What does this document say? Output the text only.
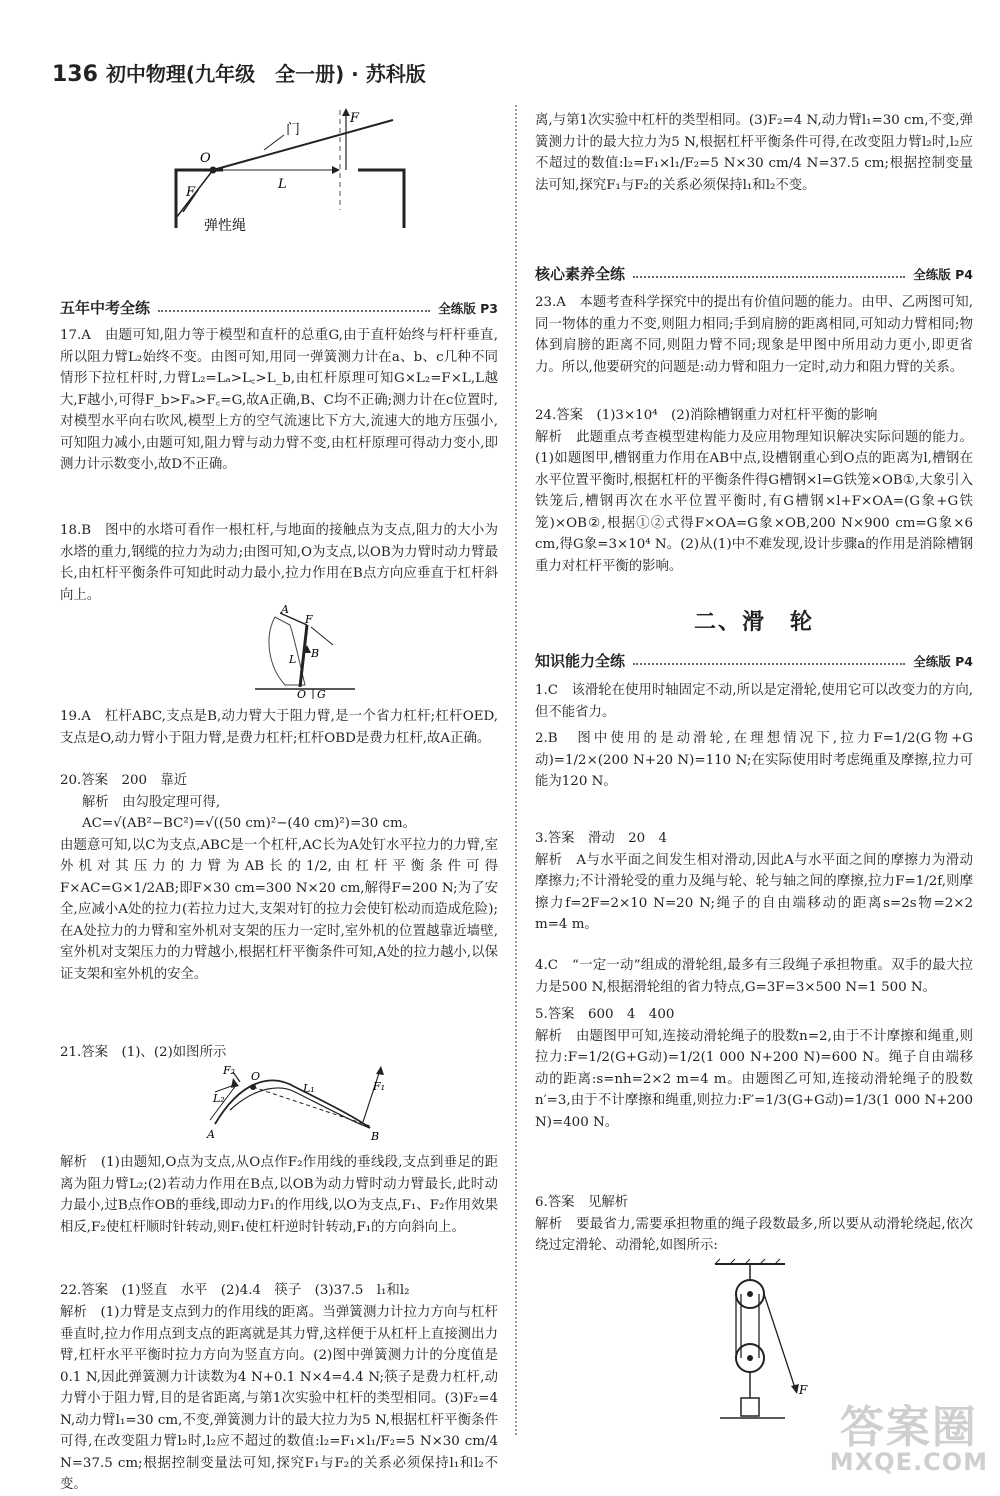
136 初中物理(九年级　全一册) · 苏科版
门
O
F
L
F
弹性绳
五年中考全练	全练版 P3

17.A　由题可知,阻力等于模型和直杆的总重G,由于直杆始终与杆杆垂直,所以阻力臂L₂始终不变。由图可知,用同一弹簧测力计在a、b、c几种不同情形下拉杠杆时,力臂L₂=Lₐ>L꜀>L_b,由杠杆原理可知G×L₂=F×L,L越大,F越小,可得F_b>Fₐ>F꜀=G,故A正确,B、C均不正确;测力计在c位置时,对模型水平向右吹风,模型上方的空气流速比下方大,流速大的地方压强小,可知阻力减小,由题可知,阻力臂与动力臂不变,由杠杆原理可得动力变小,即测力计示数变小,故D不正确。

18.B　图中的水塔可看作一根杠杆,与地面的接触点为支点,阻力的大小为水塔的重力,钢缆的拉力为动力;由图可知,O为支点,以OB为力臂时动力臂最长,由杠杆平衡条件可知此时动力最小,拉力作用在B点方向应垂直于杠杆斜向上。

A
F
B
L
O G

19.A　杠杆ABC,支点是B,动力臂大于阻力臂,是一个省力杠杆;杠杆OED,支点是O,动力臂小于阻力臂,是费力杠杆;杠杆OBD是费力杠杆,故A正确。

20.答案　200　靠近

解析　由勾股定理可得,

AC=√(AB²−BC²)=√((50 cm)²−(40 cm)²)=30 cm。

由题意可知,以C为支点,ABC是一个杠杆,AC长为A处钉水平拉力的力臂,室外机对其压力的力臂为AB长的1/2,由杠杆平衡条件可得F×AC=G×1/2AB;即F×30 cm=300 N×20 cm,解得F=200 N;为了安全,应减小A处的拉力(若拉力过大,支架对钉的拉力会使钉松动而造成危险);在A处拉力的力臂和室外机对支架的压力一定时,室外机的位置越靠近墙壁,室外机对支架压力的力臂越小,根据杠杆平衡条件可知,A处的拉力越小,以保证支架和室外机的安全。

21.答案　(1)、(2)如图所示

F₂
L₂
O
L₁	F₁
A	B

解析　(1)由题知,O点为支点,从O点作F₂作用线的垂线段,支点到垂足的距离为阻力臂L₂;(2)若动力作用在B点,以OB为动力臂时动力臂最长,此时动力最小,过B点作OB的垂线,即动力F₁的作用线,以O为支点,F₁、F₂作用效果相反,F₂使杠杆顺时针转动,则F₁使杠杆逆时针转动,F₁的方向斜向上。

22.答案　(1)竖直　水平　(2)4.4　筷子　(3)37.5　l₁和l₂

解析　(1)力臂是支点到力的作用线的距离。当弹簧测力计拉力方向与杠杆垂直时,拉力作用点到支点的距离就是其力臂,这样便于从杠杆上直接测出力臂,杠杆水平平衡时拉力方向为竖直方向。(2)图中弹簧测力计的分度值是0.1 N,因此弹簧测力计读数为4 N+0.1 N×4=4.4 N;筷子是费力杠杆,动力臂小于阻力臂,目的是省距离,与第1次实验中杠杆的类型相同。(3)F₂=4 N,动力臂l₁=30 cm,不变,弹簧测力计的最大拉力为5 N,根据杠杆平衡条件可得,在改变阻力臂l₂时,l₂应不超过的数值:l₂=F₁×l₁/F₂=5 N×30 cm/4 N=37.5 cm;根据控制变量法可知,探究F₁与F₂的关系必须保持l₁和l₂不变。

离,与第1次实验中杠杆的类型相同。(3)F₂=4 N,动力臂l₁=30 cm,不变,弹簧测力计的最大拉力为5 N,根据杠杆平衡条件可得,在改变阻力臂l₂时,l₂应不超过的数值:l₂=F₁×l₁/F₂=5 N×30 cm/4 N=37.5 cm;根据控制变量法可知,探究F₁与F₂的关系必须保持l₁和l₂不变。

核心素养全练	全练版 P4

23.A　本题考查科学探究中的提出有价值问题的能力。由甲、乙两图可知,同一物体的重力不变,则阻力相同;手到肩膀的距离相同,可知动力臂相同;物体到肩膀的距离不同,则阻力臂不同;现象是甲图中所用动力更小,即更省力。所以,他要研究的问题是:动力臂和阻力一定时,动力和阻力臂的关系。

24.答案　(1)3×10⁴　(2)消除槽钢重力对杠杆平衡的影响

解析　此题重点考查模型建构能力及应用物理知识解决实际问题的能力。(1)如题图甲,槽钢重力作用在AB中点,设槽钢重心到O点的距离为l,槽钢在水平位置平衡时,根据杠杆的平衡条件得G槽钢×l=G铁笼×OB①,大象引入铁笼后,槽钢再次在水平位置平衡时,有G槽钢×l+F×OA=(G象+G铁笼)×OB②,根据①②式得F×OA=G象×OB,200 N×900 cm=G象×6 cm,得G象=3×10⁴ N。(2)从(1)中不难发现,设计步骤a的作用是消除槽钢重力对杠杆平衡的影响。

二、滑　轮
知识能力全练	全练版 P4

1.C　该滑轮在使用时轴固定不动,所以是定滑轮,使用它可以改变力的方向,但不能省力。

2.B　图中使用的是动滑轮,在理想情况下,拉力F=1/2(G物+G动)=1/2×(200 N+20 N)=110 N;在实际使用时考虑绳重及摩擦,拉力可能为120 N。

3.答案　滑动　20　4

解析　A与水平面之间发生相对滑动,因此A与水平面之间的摩擦力为滑动摩擦力;不计滑轮受的重力及绳与轮、轮与轴之间的摩擦,拉力F=1/2f,则摩擦力f=2F=2×10 N=20 N;绳子的自由端移动的距离s=2s物=2×2 m=4 m。

4.C　“一定一动”组成的滑轮组,最多有三段绳子承担物重。双手的最大拉力是500 N,根据滑轮组的省力特点,G=3F=3×500 N=1 500 N。

5.答案　600　4　400

解析　由题图甲可知,连接动滑轮绳子的股数n=2,由于不计摩擦和绳重,则拉力:F=1/2(G+G动)=1/2(1 000 N+200 N)=600 N。绳子自由端移动的距离:s=nh=2×2 m=4 m。由题图乙可知,连接动滑轮绳子的股数n′=3,由于不计摩擦和绳重,则拉力:F′=1/3(G+G动)=1/3(1 000 N+200 N)=400 N。

6.答案　见解析

解析　要最省力,需要承担物重的绳子段数最多,所以要从动滑轮绕起,依次绕过定滑轮、动滑轮,如图所示:

F
答案圈
MXQE.COM
